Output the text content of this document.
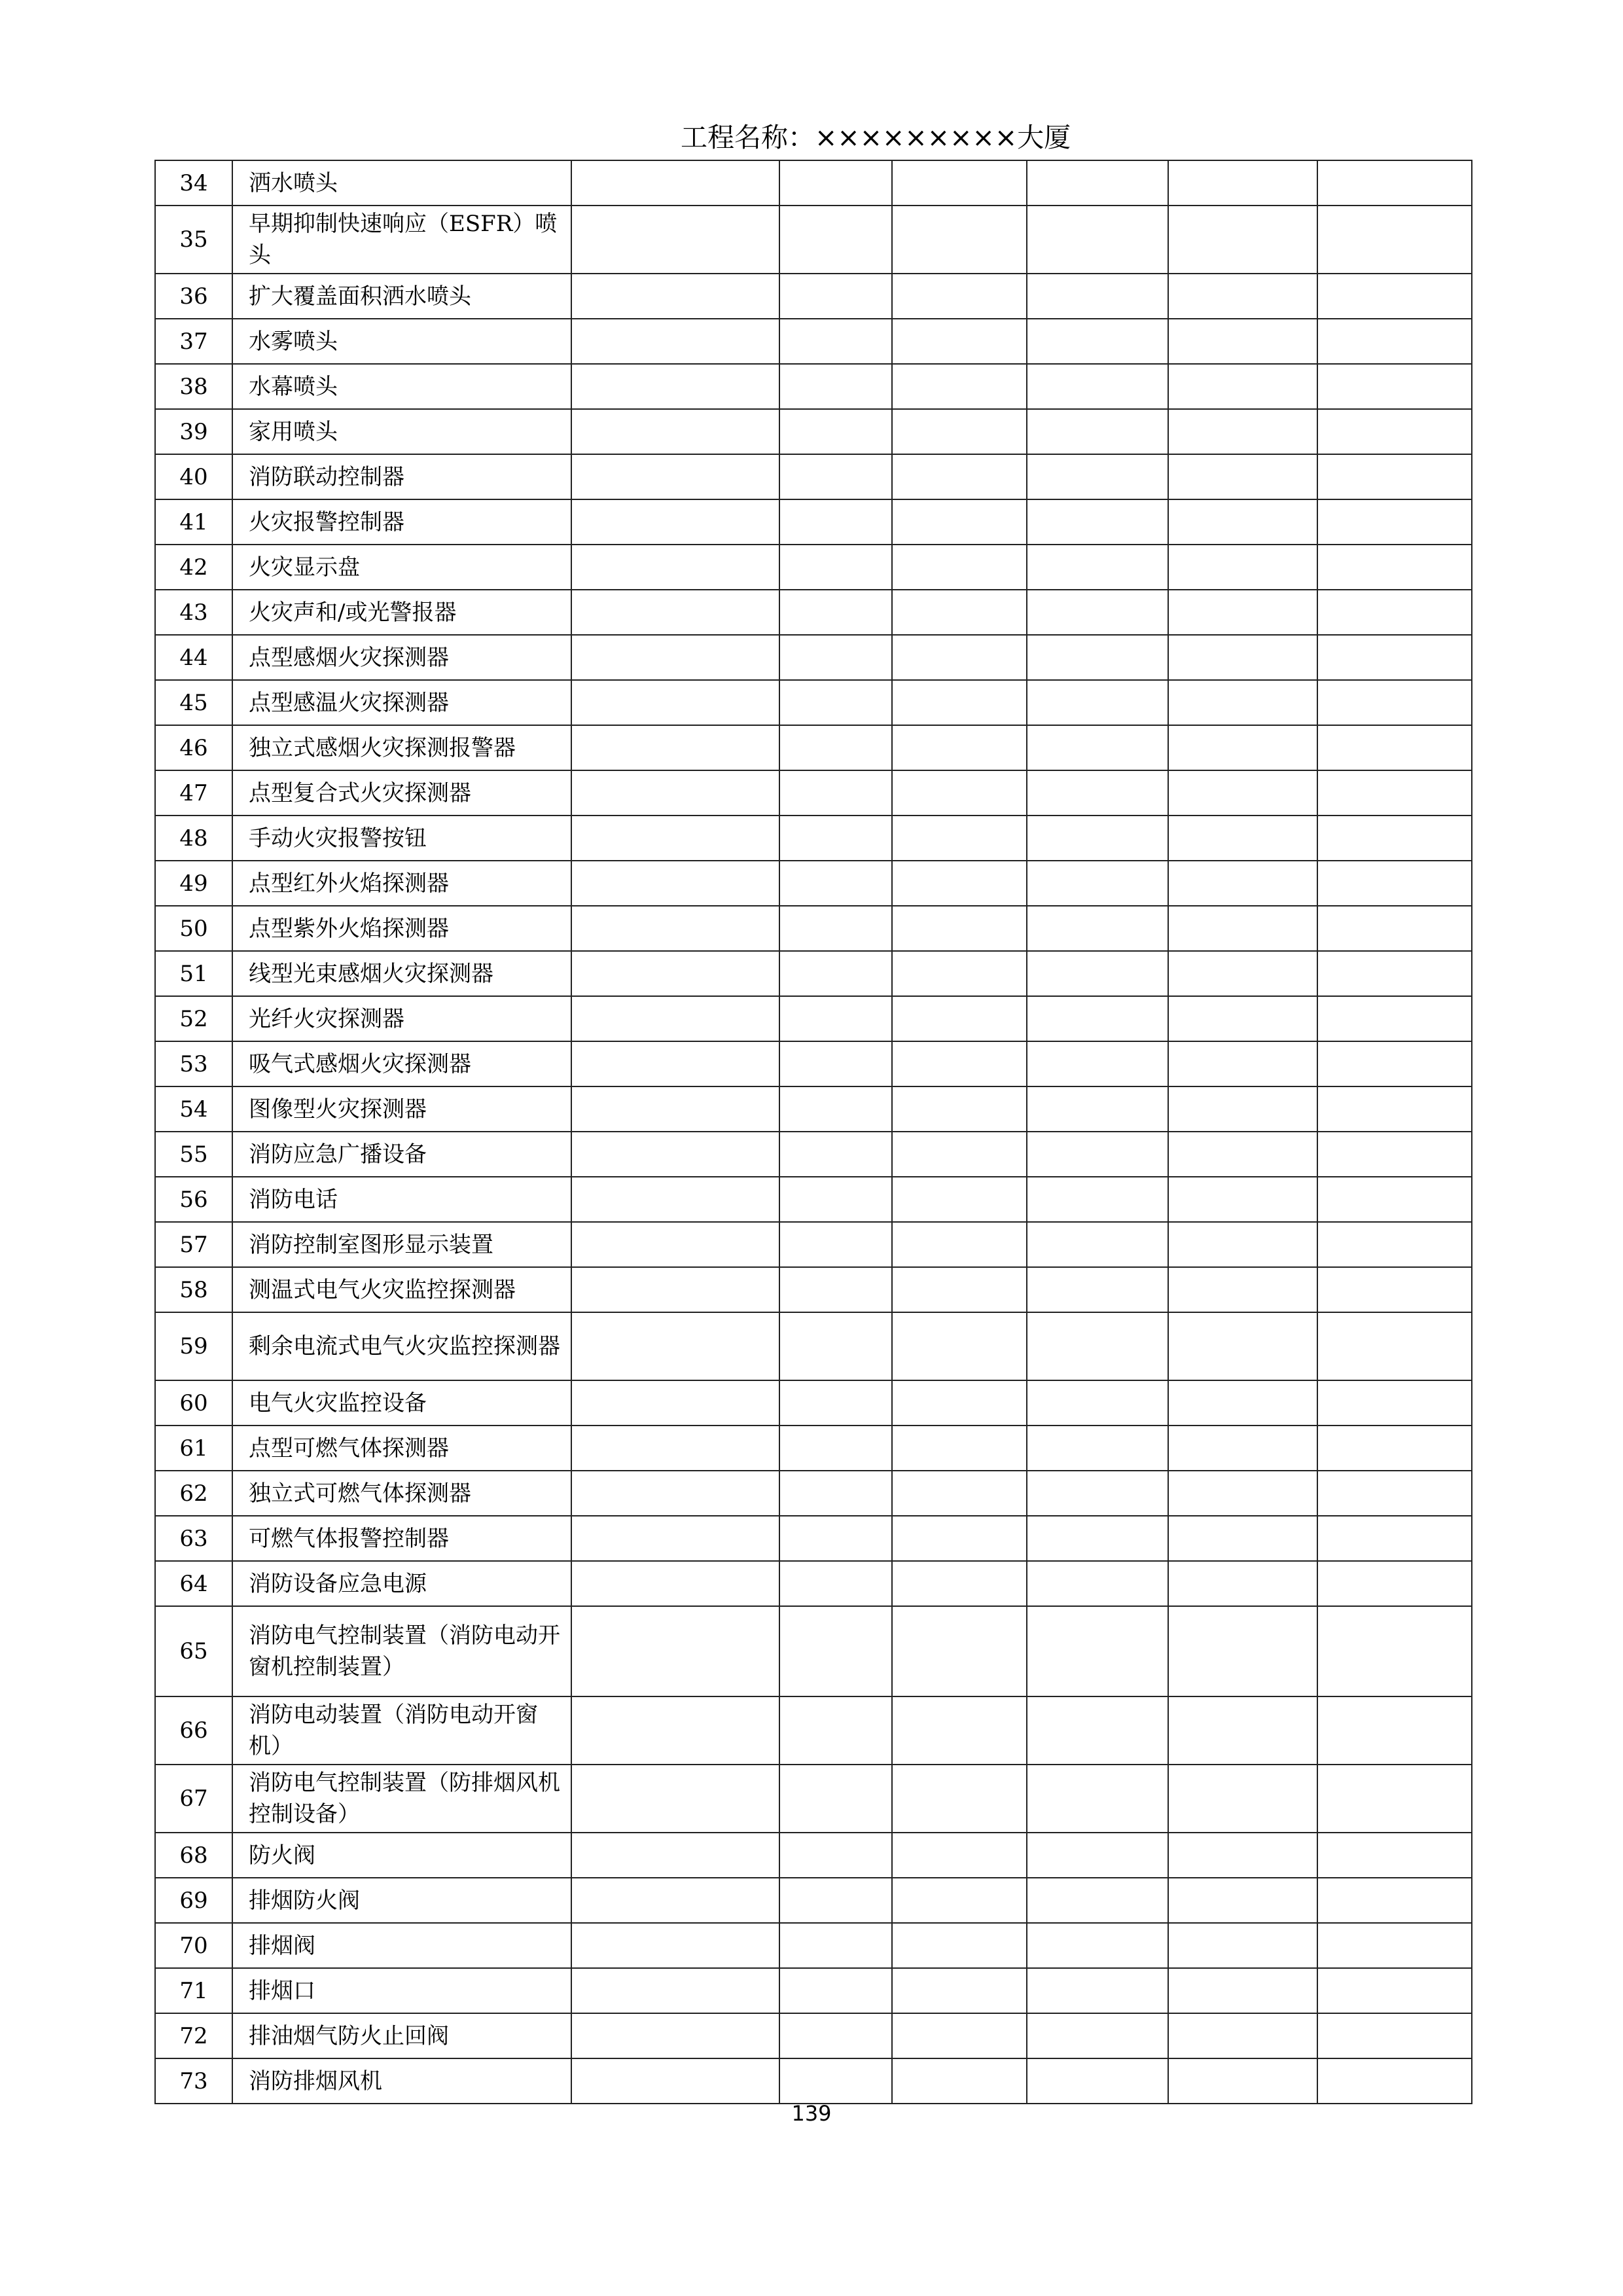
工程名称：×××××××××大厦
34	洒水喷头						
35	早期抑制快速响应（ESFR）喷头						
36	扩大覆盖面积洒水喷头						
37	水雾喷头						
38	水幕喷头						
39	家用喷头						
40	消防联动控制器						
41	火灾报警控制器						
42	火灾显示盘						
43	火灾声和/或光警报器						
44	点型感烟火灾探测器						
45	点型感温火灾探测器						
46	独立式感烟火灾探测报警器						
47	点型复合式火灾探测器						
48	手动火灾报警按钮						
49	点型红外火焰探测器						
50	点型紫外火焰探测器						
51	线型光束感烟火灾探测器						
52	光纤火灾探测器						
53	吸气式感烟火灾探测器						
54	图像型火灾探测器						
55	消防应急广播设备						
56	消防电话						
57	消防控制室图形显示装置						
58	测温式电气火灾监控探测器						
59	剩余电流式电气火灾监控探测器						
60	电气火灾监控设备						
61	点型可燃气体探测器						
62	独立式可燃气体探测器						
63	可燃气体报警控制器						
64	消防设备应急电源						
65	消防电气控制装置（消防电动开窗机控制装置）						
66	消防电动装置（消防电动开窗机）						
67	消防电气控制装置（防排烟风机控制设备）						
68	防火阀						
69	排烟防火阀						
70	排烟阀						
71	排烟口						
72	排油烟气防火止回阀						
73	消防排烟风机						
139
